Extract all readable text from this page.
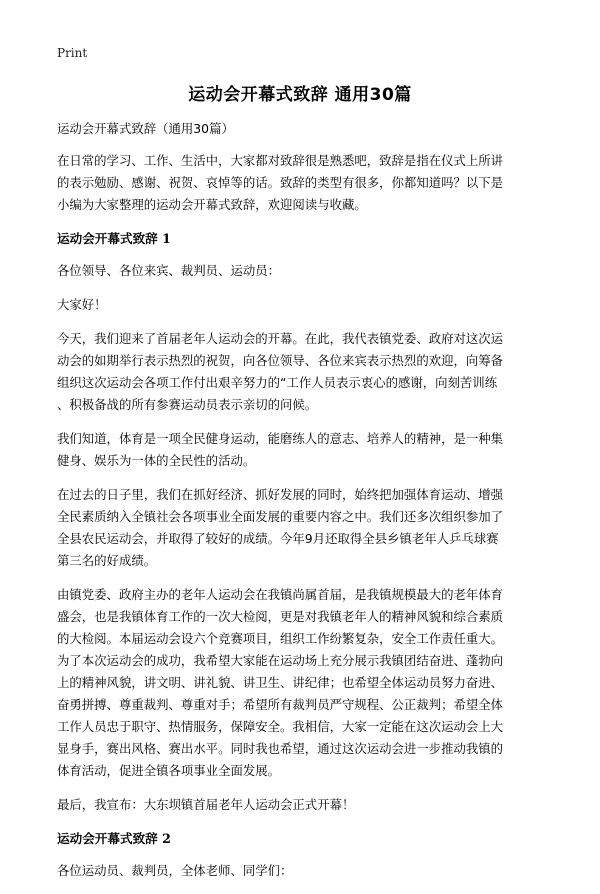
Print
运动会开幕式致辞 通用30篇

运动会开幕式致辞（通用30篇）

在日常的学习、工作、生活中，大家都对致辞很是熟悉吧，致辞是指在仪式上所讲

的表示勉励、感谢、祝贺、哀悼等的话。致辞的类型有很多，你都知道吗？以下是

小编为大家整理的运动会开幕式致辞，欢迎阅读与收藏。

运动会开幕式致辞 1

各位领导、各位来宾、裁判员、运动员：

大家好！

今天，我们迎来了首届老年人运动会的开幕。在此，我代表镇党委、政府对这次运

动会的如期举行表示热烈的祝贺，向各位领导、各位来宾表示热烈的欢迎，向筹备

组织这次运动会各项工作付出艰辛努力的“工作人员表示衷心的感谢，向刻苦训练

、积极备战的所有参赛运动员表示亲切的问候。

我们知道，体育是一项全民健身运动，能磨练人的意志、培养人的精神，是一种集

健身、娱乐为一体的全民性的活动。

在过去的日子里，我们在抓好经济、抓好发展的同时，始终把加强体育运动、增强

全民素质纳入全镇社会各项事业全面发展的重要内容之中。我们还多次组织参加了

全县农民运动会，并取得了较好的成绩。今年9月还取得全县乡镇老年人乒乓球赛

第三名的好成绩。

由镇党委、政府主办的老年人运动会在我镇尚属首届，是我镇规模最大的老年体育

盛会，也是我镇体育工作的一次大检阅，更是对我镇老年人的精神风貌和综合素质

的大检阅。本届运动会设六个竞赛项目，组织工作纷繁复杂，安全工作责任重大。

为了本次运动会的成功，我希望大家能在运动场上充分展示我镇团结奋进、蓬勃向

上的精神风貌，讲文明、讲礼貌、讲卫生、讲纪律；也希望全体运动员努力奋进、

奋勇拼搏、尊重裁判、尊重对手；希望所有裁判员严守规程、公正裁判；希望全体

工作人员忠于职守、热情服务，保障安全。我相信，大家一定能在这次运动会上大

显身手，赛出风格、赛出水平。同时我也希望，通过这次运动会进一步推动我镇的

体育活动，促进全镇各项事业全面发展。

最后，我宣布：大东坝镇首届老年人运动会正式开幕！

运动会开幕式致辞 2

各位运动员、裁判员，全体老师、同学们：
